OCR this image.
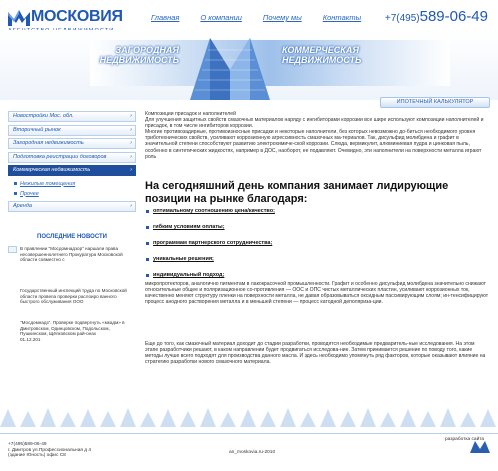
МОСКОВИЯ	Главная	О компании	Почему мы	Контакты +7(495)589-06-49
ЗАГОРОДНАЯ НЕДВИЖИМОСТЬ
КОММЕРЧЕСКАЯ НЕДВИЖИМОСТЬ
ИПОТЕЧНЫЙ КАЛЬКУЛЯТОР
Новостройки Мос. обл.	›
Вторичный рынок	›
Загородная недвижимость	›
Подготовка реистрации договоров	›
Коммерческая недвижимость	›
Нежилые помещения
Прочее
Аренда	›
ПОСЛЕДНИЕ НОВОСТИ
В правлении "Мосдомнадзор" наршали права несовершеннолетнего Прокуратура Московской области совместно с
Государственный инспекций труда по Московской области провела проверки раслоиро ванного быстрого обслуживания ООО
"Мосдомнадз". Проверке подвергнуть «мкадм» в Дмитровском, Одинцовском, Подольском, Пушкинском, Щёлковском рай-онах
01.12.201

Композиции присадок и наполнителей

Для улучшения защитных свойств смазочных материалов наряду с ингибиторами коррозии все шире используют композиции наполнителей и присадок, в том числе ингибиторов коррозии.

Многие противозадирные, противоизносные присадки и некоторые наполнители, без которых невозможно до-биться необходимого уровня триботехнических свойств, усиливают коррозионную агрессивность смазочных ма-териалов. Так, дисульфид молибдена и графит в значительной степени способствуют развитию электрохимиче-ской коррозии. Слюда, вермикулит, алюминиевая пудра и цинковая пыль, особенно в синтетических жидкостях, например в ДОС, наоборот, ее подавляют. Очевидно, эти наполнители на поверхности металла играют роль

На сегодняшний день компания занимает лидирующие позиции на рынке благодаря:
оптимальному соотношению цена/качество;
гибким условиям оплаты;
программам партнерского сотрудничества;
уникальные решения;
индивидуальный подход;
микропротекторов, аналогично пигментам в лакокрасочной промышленности. Графит и особенно дисульфид молибдена значительно снижают относительные общее и поляризационное со-противления — ООС и ОПС чистых металлических пластин, усиливают коррозионных ток, качественно меняют структуру пленки на поверхности металла, не давая образовываться оксидным пассивирующим слоям; ин-тенсифицируют процесс анодного растворения металла и в меньшей степени — процесс катодной деполяриза-ции.
Еще до того, как смазочный материал доходит до стадии разработки, проводятся необходимые предваритель-ные исследования. На этом этапе разработчики решают, в каком направлении будет продвигаться исследова-ние. Затем принимается решение по поводу того, какие методы лучше всего подходят для производства данного масла. И здесь необходимо упомянуть ряд факторов, которые оказывают влияние на стратегию разработки нового смазочного материала.
+7(495)589-06-49
г. Дмитров ул.Профессиональная д 4
(здание Юность) офис С8
an_moskovia.ru-2010
разработка сайта
